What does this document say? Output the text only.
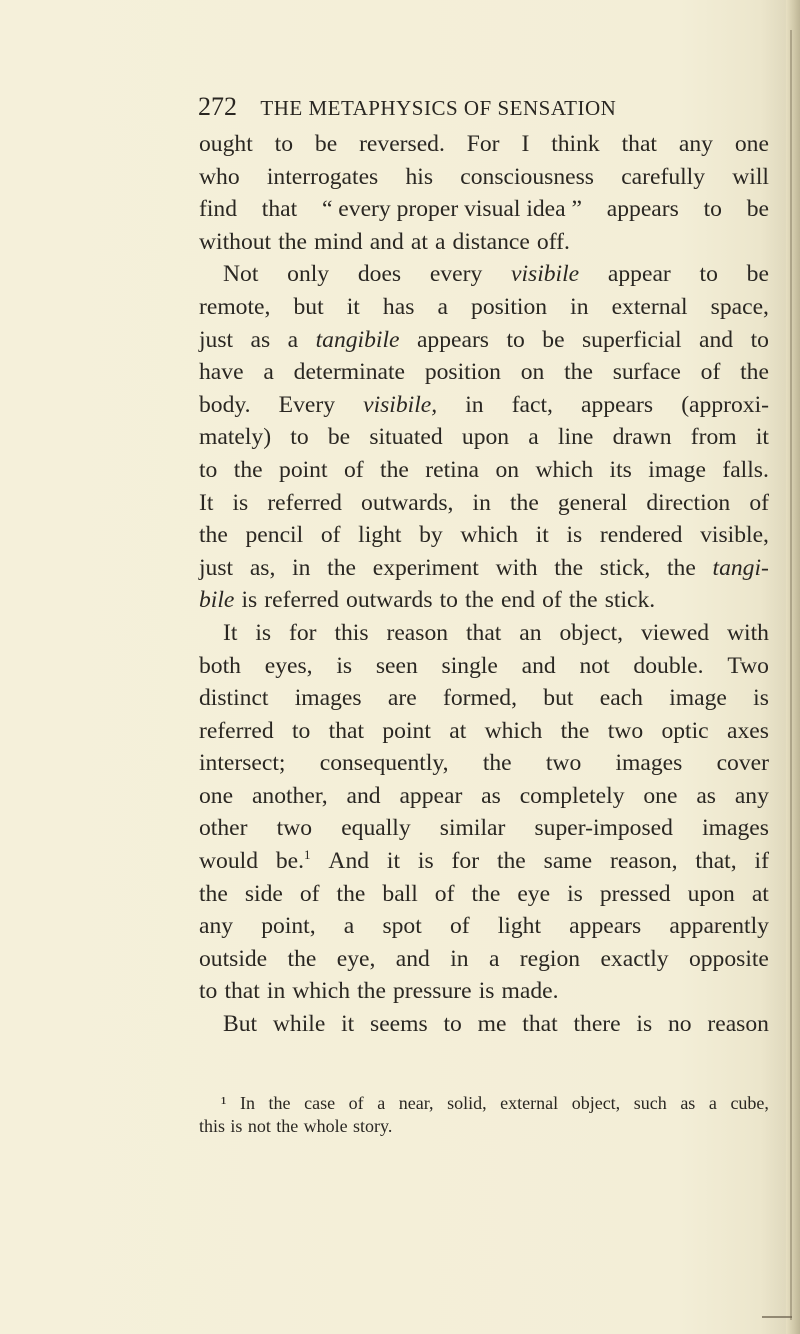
272 THE METAPHYSICS OF SENSATION
ought to be reversed. For I think that any one
who interrogates his consciousness carefully will
find that “ every proper visual idea ” appears to be
without the mind and at a distance off.
Not only does every visibile appear to be
remote, but it has a position in external space,
just as a tangibile appears to be superficial and to
have a determinate position on the surface of the
body. Every visibile, in fact, appears (approxi-
mately) to be situated upon a line drawn from it
to the point of the retina on which its image falls.
It is referred outwards, in the general direction of
the pencil of light by which it is rendered visible,
just as, in the experiment with the stick, the tangi-
bile is referred outwards to the end of the stick.
It is for this reason that an object, viewed with
both eyes, is seen single and not double. Two
distinct images are formed, but each image is
referred to that point at which the two optic axes
intersect; consequently, the two images cover
one another, and appear as completely one as any
other two equally similar super-imposed images
would be.$^1$ And it is for the same reason, that, if
the side of the ball of the eye is pressed upon at
any point, a spot of light appears apparently
outside the eye, and in a region exactly opposite
to that in which the pressure is made.
But while it seems to me that there is no reason
¹ In the case of a near, solid, external object, such as a cube,
this is not the whole story.
